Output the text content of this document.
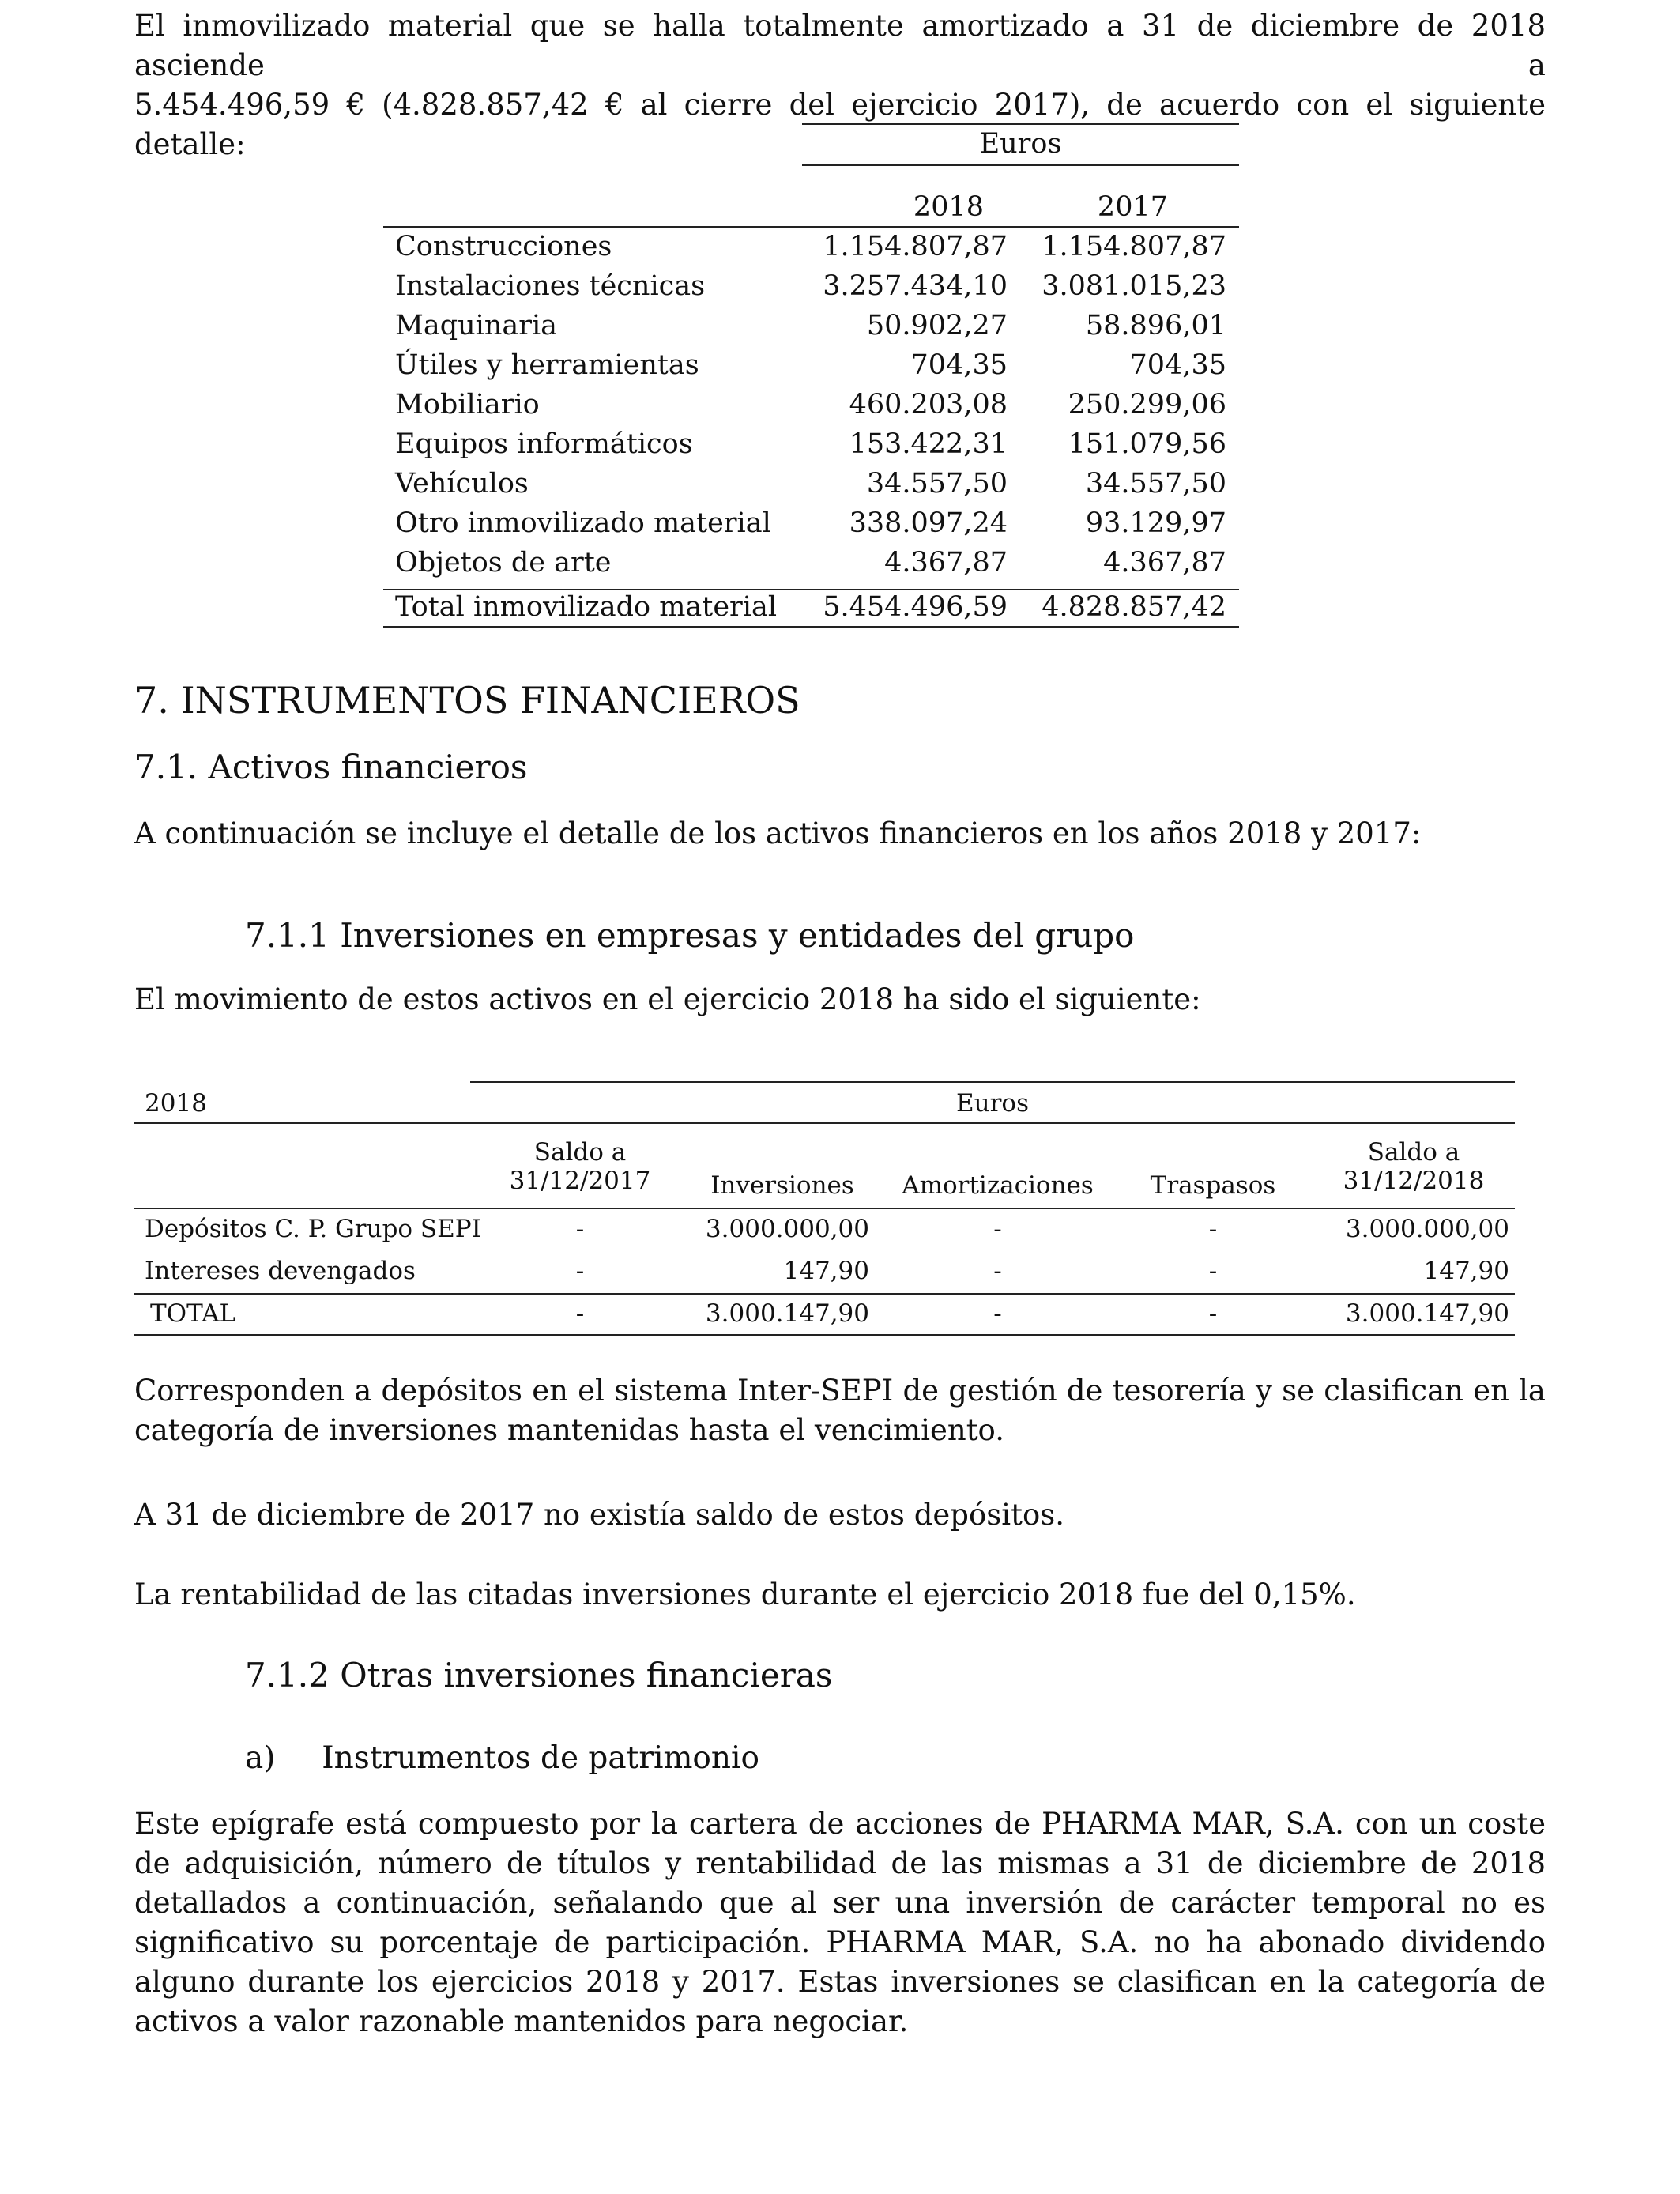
El inmovilizado material que se halla totalmente amortizado a 31 de diciembre de 2018 asciende a
5.454.496,59 € (4.828.857,42 € al cierre del ejercicio 2017), de acuerdo con el siguiente detalle:	Euros
2018	2017
Construcciones	1.154.807,87 1.154.807,87
Instalaciones técnicas	3.257.434,10 3.081.015,23
Maquinaria	50.902,27	58.896,01
Útiles y herramientas	704,35	704,35
Mobiliario	460.203,08 250.299,06
Equipos informáticos	153.422,31 151.079,56
Vehículos	34.557,50	34.557,50
Otro inmovilizado material	338.097,24	93.129,97
Objetos de arte	4.367,87	4.367,87
Total inmovilizado material 5.454.496,59 4.828.857,42
7. INSTRUMENTOS FINANCIEROS
7.1. Activos financieros
A continuación se incluye el detalle de los activos financieros en los años 2018 y 2017:
7.1.1 Inversiones en empresas y entidades del grupo
El movimiento de estos activos en el ejercicio 2018 ha sido el siguiente:
2018	Euros
Saldo a
31/12/2017	Inversiones	Amortizaciones	Traspasos
Saldo a
31/12/2018
Depósitos C. P. Grupo SEPI	-	3.000.000,00	-	-	3.000.000,00
Intereses devengados	-	147,90	-	-	147,90
TOTAL	-	3.000.147,90	-	-	3.000.147,90
Corresponden a depósitos en el sistema Inter-SEPI de gestión de tesorería y se clasifican en la categoría de inversiones mantenidas hasta el vencimiento.
A 31 de diciembre de 2017 no existía saldo de estos depósitos.
La rentabilidad de las citadas inversiones durante el ejercicio 2018 fue del 0,15%.
7.1.2 Otras inversiones financieras
a) Instrumentos de patrimonio
Este epígrafe está compuesto por la cartera de acciones de PHARMA MAR, S.A. con un coste de adquisición, número de títulos y rentabilidad de las mismas a 31 de diciembre de 2018 detallados a continuación, señalando que al ser una inversión de carácter temporal no es significativo su porcentaje de participación. PHARMA MAR, S.A. no ha abonado dividendo alguno durante los ejercicios 2018 y 2017. Estas inversiones se clasifican en la categoría de activos a valor razonable mantenidos para negociar.
